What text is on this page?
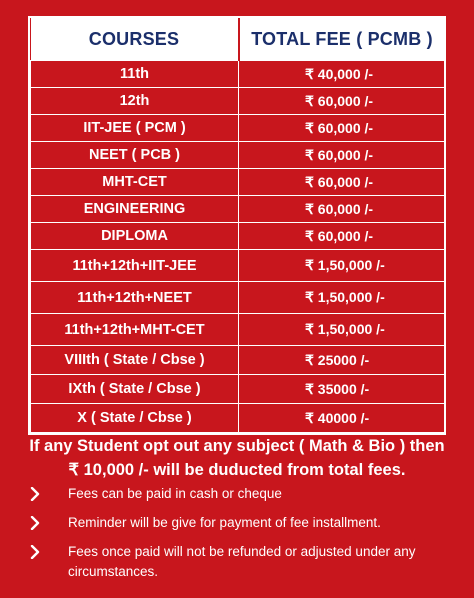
COURSES	TOTAL FEE ( PCMB )
11th	₹ 40,000 /-
12th	₹ 60,000 /-
IIT-JEE ( PCM )	₹ 60,000 /-
NEET ( PCB )	₹ 60,000 /-
MHT-CET	₹ 60,000 /-
ENGINEERING	₹ 60,000 /-
DIPLOMA	₹ 60,000 /-
11th+12th+IIT-JEE	₹ 1,50,000 /-
11th+12th+NEET	₹ 1,50,000 /-
11th+12th+MHT-CET	₹ 1,50,000 /-
VIIIth ( State / Cbse )	₹ 25000 /-
IXth ( State / Cbse )	₹ 35000 /-
X ( State / Cbse )	₹ 40000 /-
If any Student opt out any subject ( Math & Bio ) then
₹ 10,000 /- will be duducted from total fees.
Fees can be paid in cash or cheque
Reminder will be give for payment of fee installment.
Fees once paid will not be refunded or adjusted under any circumstances.
